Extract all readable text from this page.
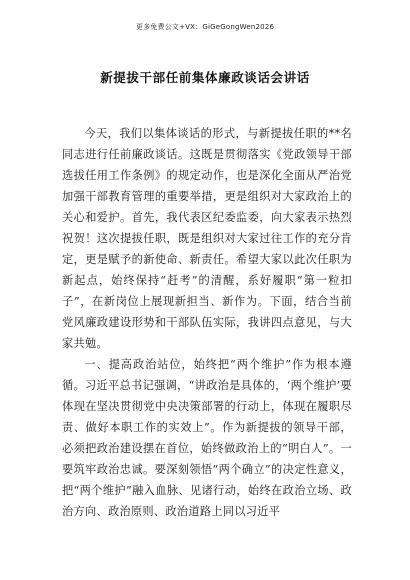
更多免费公文+VX：GiGeGongWen2026
新提拔干部任前集体廉政谈话会讲话

今天，我们以集体谈话的形式，与新提拔任职的**名同志进行任前廉政谈话。这既是贯彻落实《党政领导干部选拔任用工作条例》的规定动作，也是深化全面从严治党加强干部教育管理的重要举措，更是组织对大家政治上的关心和爱护。首先，我代表区纪委监委，向大家表示热烈祝贺！这次提拔任职，既是组织对大家过往工作的充分肯定，更是赋予的新使命、新责任。希望大家以此次任职为新起点，始终保持“赶考”的清醒，系好履职“第一粒扣子”，在新岗位上展现新担当、新作为。下面，结合当前党风廉政建设形势和干部队伍实际，我讲四点意见，与大家共勉。

一、提高政治站位，始终把“两个维护”作为根本遵循。习近平总书记强调，“讲政治是具体的，‘两个维护’要体现在坚决贯彻党中央决策部署的行动上，体现在履职尽责、做好本职工作的实效上”。作为新提拔的领导干部，必须把政治建设摆在首位，始终做政治上的“明白人”。一要筑牢政治忠诚。要深刻领悟“两个确立”的决定性意义，把“两个维护”融入血脉、见诸行动，始终在政治立场、政治方向、政治原则、政治道路上同以习近平
